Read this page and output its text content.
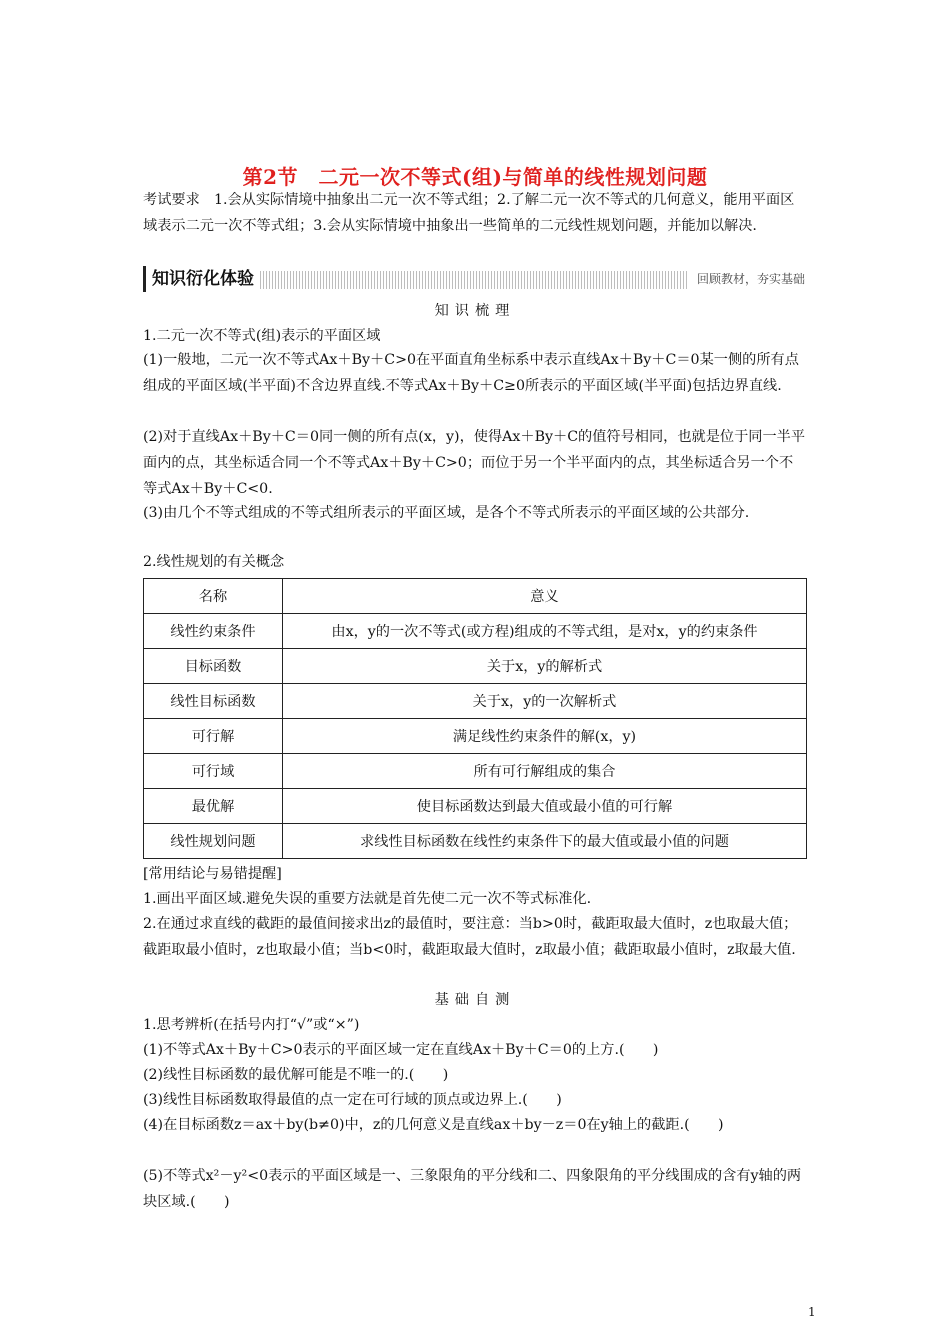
第2节　二元一次不等式(组)与简单的线性规划问题
考试要求　1.会从实际情境中抽象出二元一次不等式组；2.了解二元一次不等式的几何意义，能用平面区域表示二元一次不等式组；3.会从实际情境中抽象出一些简单的二元线性规划问题，并能加以解决.
知识衍化体验	回顾教材，夯实基础
知识梳理
1.二元一次不等式(组)表示的平面区域
(1)一般地，二元一次不等式Ax＋By＋C>0在平面直角坐标系中表示直线Ax＋By＋C＝0某一侧的所有点组成的平面区域(半平面)不含边界直线.不等式Ax＋By＋C≥0所表示的平面区域(半平面)包括边界直线.
(2)对于直线Ax＋By＋C＝0同一侧的所有点(x，y)，使得Ax＋By＋C的值符号相同，也就是位于同一半平面内的点，其坐标适合同一个不等式Ax＋By＋C>0；而位于另一个半平面内的点，其坐标适合另一个不等式Ax＋By＋C<0.
(3)由几个不等式组成的不等式组所表示的平面区域，是各个不等式所表示的平面区域的公共部分.
2.线性规划的有关概念
名称	意义
线性约束条件	由x，y的一次不等式(或方程)组成的不等式组，是对x，y的约束条件
目标函数	关于x，y的解析式
线性目标函数	关于x，y的一次解析式
可行解	满足线性约束条件的解(x，y)
可行域	所有可行解组成的集合
最优解	使目标函数达到最大值或最小值的可行解
线性规划问题	求线性目标函数在线性约束条件下的最大值或最小值的问题
[常用结论与易错提醒]
1.画出平面区域.避免失误的重要方法就是首先使二元一次不等式标准化.
2.在通过求直线的截距的最值间接求出z的最值时，要注意：当b>0时，截距取最大值时，z也取最大值；截距取最小值时，z也取最小值；当b<0时，截距取最大值时，z取最小值；截距取最小值时，z取最大值.
基础自测
1.思考辨析(在括号内打“√”或“×”)
(1)不等式Ax＋By＋C>0表示的平面区域一定在直线Ax＋By＋C＝0的上方.(　　)
(2)线性目标函数的最优解可能是不唯一的.(　　)
(3)线性目标函数取得最值的点一定在可行域的顶点或边界上.(　　)
(4)在目标函数z＝ax＋by(b≠0)中，z的几何意义是直线ax＋by－z＝0在y轴上的截距.(　　)
(5)不等式x²－y²<0表示的平面区域是一、三象限角的平分线和二、四象限角的平分线围成的含有y轴的两块区域.(　　)
1
